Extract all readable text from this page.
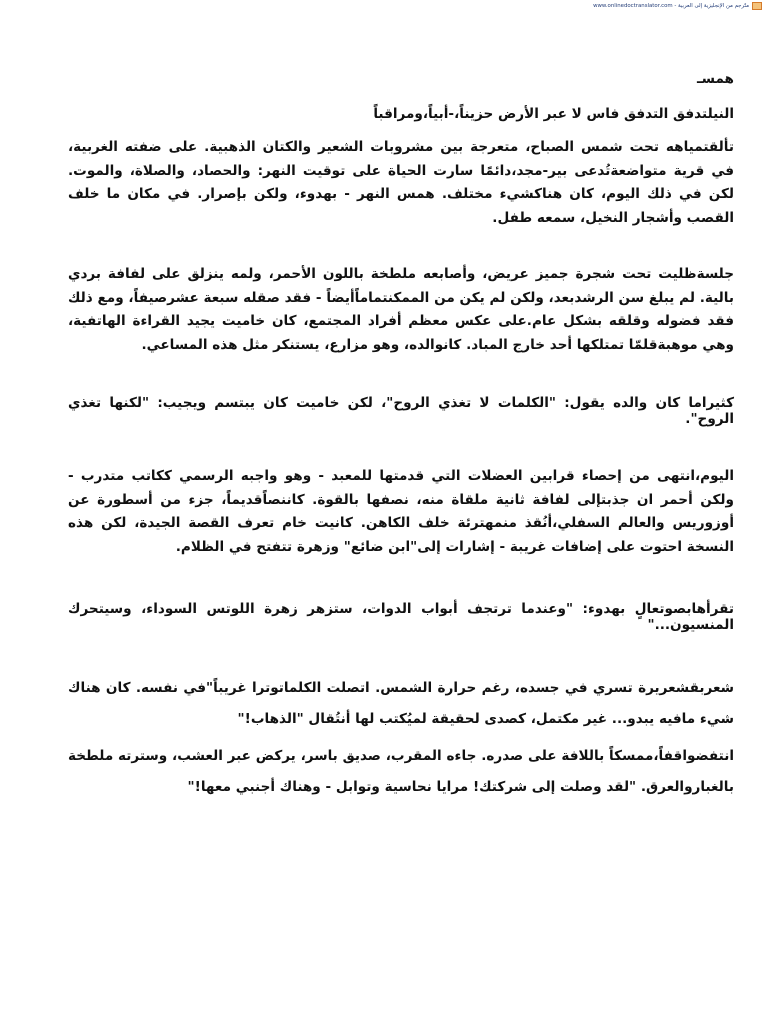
متّرجم من الإنجليزية إلى العربية - www.onlinedoctranslator.com

همسـ

النيلتدفق التدفق فاس لا عبر الأرض حزيناً،-أبياً،ومراقباً

تألقتمياهه تحت شمس الصباح، متعرجة بين مشروبات الشعير والكتان الذهبية. على ضفته الغربية، في قرية متواضعةتُدعى بير-مجد،دائمًا سارت الحياة على توقيت النهر: والحصاد، والصلاة، والموت. لكن في ذلك اليوم، كان هناكشيء مختلف. همس النهر - بهدوء، ولكن بإصرار. في مكان ما خلف القصب وأشجار النخيل، سمعه طفل.

جلسةظليت تحت شجرة جميز عريض، وأصابعه ملطخة باللون الأحمر، ولمه ينزلق على لفافة بردي بالية. لم يبلغ سن الرشدبعد، ولكن لم يكن من الممكنتماماًأيضاً - فقد صقله سبعة عشرصيفاً، ومع ذلك فقد فضوله وقلقه بشكل عام.على عكس معظم أفراد المجتمع، كان خاميت يجيد القراءة الهاتفية، وهي موهبةقلمّا تمتلكها أحد خارج المباد. كانوالده، وهو مزارع، يستنكر مثل هذه المساعي.

كثيراما كان والده يقول: "الكلمات لا تغذي الروح"، لكن خاميت كان يبتسم ويجيب: "لكنها تغذي الروح".

اليوم،انتهى من إحصاء قرابين العضلات التي قدمتها للمعبد - وهو واجبه الرسمي ككاتب متدرب - ولكن أحمر ان جذبتإلى لفافة ثانية ملقاة منه، نصفها بالقوة. كاننصاًقديماً، جزء من أسطورة عن أوزوريس والعالم السفلي،أنُقذ منمهترئة خلف الكاهن. كانيت خام تعرف القصة الجيدة، لكن هذه النسخة احتوت على إضافات غريبة - إشارات إلى"ابن ضائع" وزهرة تتفتح في الظلام.

تقرأهابصوتعالٍ بهدوء: "وعندما ترتجف أبواب الدوات، ستزهر زهرة اللوتس السوداء، وسيتحرك المنسيون..."

شعربقشعريرة تسري في جسده، رغم حرارة الشمس. اتصلت الكلماتوترا غريباً"في نفسه. كان هناك شيء مافيه يبدو... غير مكتمل، كصدى لحقيقة لميُكتب لها أنتُقال "الذهاب!"

انتفضواقفاً،ممسكاً باللافة على صدره. جاءه المقرب، صديق باسر، يركض عبر العشب، وسترته ملطخة بالغباروالعرق. "لقد وصلت إلى شركتك! مرايا نحاسية وتوابل - وهناك أجنبي معها!"
